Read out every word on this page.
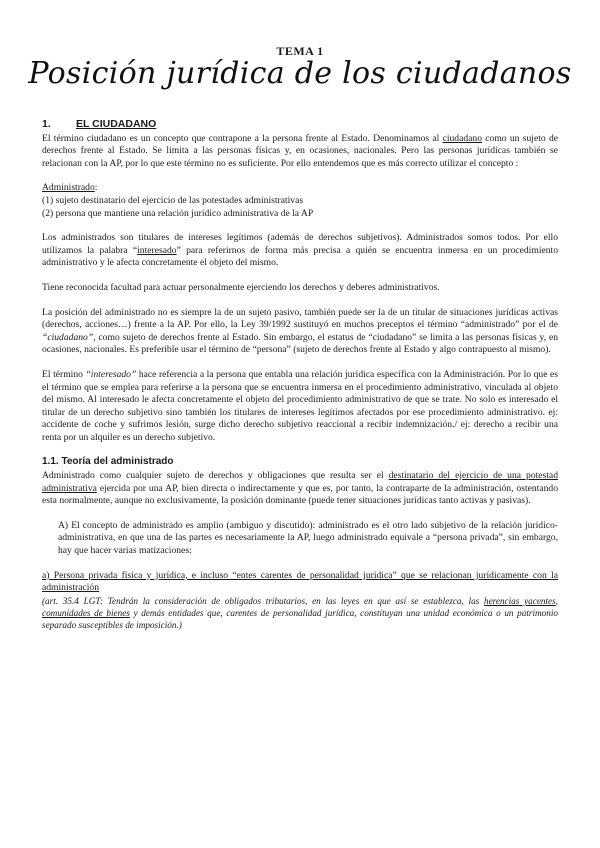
TEMA 1
Posición jurídica de los ciudadanos
1. EL CIUDADANO

El término ciudadano es un concepto que contrapone a la persona frente al Estado. Denominamos al ciudadano como un sujeto de derechos frente al Estado. Se limita a las personas físicas y, en ocasiones, nacionales. Pero las personas jurídicas también se relacionan con la AP, por lo que este término no es suficiente. Por ello entendemos que es más correcto utilizar el concepto :

Administrado:

(1) sujeto destinatario del ejercicio de las potestades administrativas

(2) persona que mantiene una relación jurídico administrativa de la AP

Los administrados son titulares de intereses legítimos (además de derechos subjetivos). Administrados somos todos. Por ello utilizamos la palabra “interesado” para referirnos de forma más precisa a quién se encuentra inmersa en un procedimiento administrativo y le afecta concretamente el objeto del mismo.

Tiene reconocida facultad para actuar personalmente ejerciendo los derechos y deberes administrativos.

La posición del administrado no es siempre la de un sujeto pasivo, también puede ser la de un titular de situaciones jurídicas activas (derechos, acciones…) frente a la AP. Por ello, la Ley 39/1992 sustituyó en muchos preceptos el término “administrado” por el de “ciudadano”, como sujeto de derechos frente al Estado. Sin embargo, el estatus de “ciudadano” se limita a las personas físicas y, en ocasiones, nacionales. Es preferible usar el término de “persona” (sujeto de derechos frente al Estado y algo contrapuesto al mismo).

El término “interesado” hace referencia a la persona que entabla una relación jurídica específica con la Administración. Por lo que es el término que se emplea para referirse a la persona que se encuentra inmersa en el procedimiento administrativo, vinculada al objeto del mismo. Al interesado le afecta concretamente el objeto del procedimiento administrativo de que se trate. No solo es interesado el titular de un derecho subjetivo sino también los titulares de intereses legítimos afectados por ese procedimiento administrativo. ej: accidente de coche y sufrimos lesión, surge dicho derecho subjetivo reaccional a recibir indemnización./ ej: derecho a recibir una renta por un alquiler es un derecho subjetivo.

1.1. Teoría del administrado

Administrado como cualquier sujeto de derechos y obligaciones que resulta ser el destinatario del ejercicio de una potestad administrativa ejercida por una AP, bien directa o indirectamente y que es, por tanto, la contraparte de la administración, ostentando esta normalmente, aunque no exclusivamente, la posición dominante (puede tener situaciones jurídicas tanto activas y pasivas).

A) El concepto de administrado es amplio (ambiguo y discutido): administrado es el otro lado subjetivo de la relación jurídico-administrativa, en que una de las partes es necesariamente la AP, luego administrado equivale a “persona privada”, sin embargo, hay que hacer varias matizaciones:

a) Persona privada física y jurídica, e incluso “entes carentes de personalidad jurídica” que se relacionan jurídicamente con la administración

(art. 35.4 LGT: Tendrán la consideración de obligados tributarios, en las leyes en que así se establezca, las herencias yacentes, comunidades de bienes y demás entidades que, carentes de personalidad jurídica, constituyan una unidad económica o un patrimonio separado susceptibles de imposición.)
